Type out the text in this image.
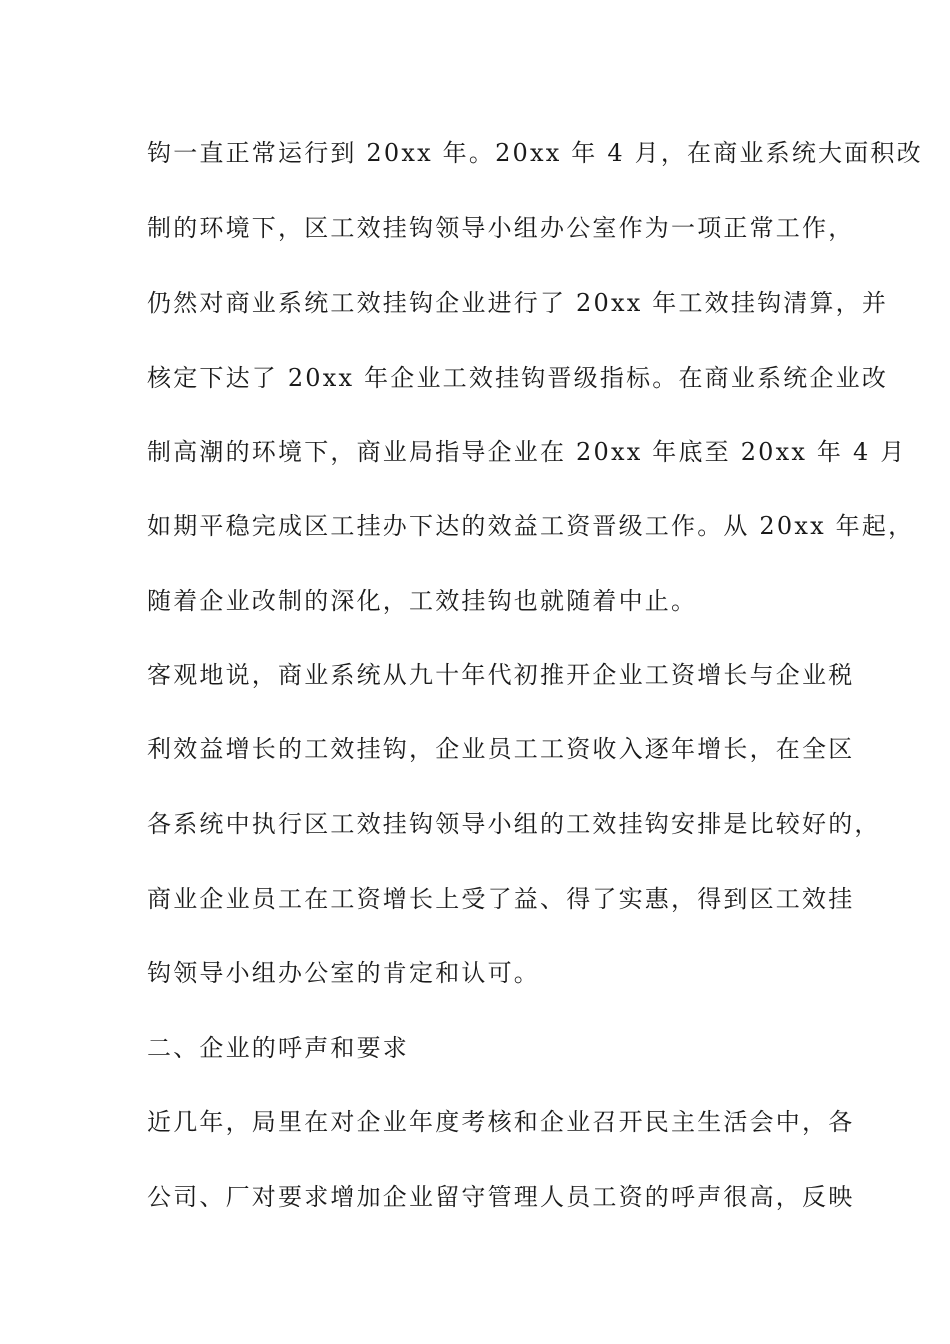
钩一直正常运行到 20xx 年。20xx 年 4 月，在商业系统大面积改
制的环境下，区工效挂钩领导小组办公室作为一项正常工作，
仍然对商业系统工效挂钩企业进行了 20xx 年工效挂钩清算，并
核定下达了 20xx 年企业工效挂钩晋级指标。在商业系统企业改
制高潮的环境下，商业局指导企业在 20xx 年底至 20xx 年 4 月
如期平稳完成区工挂办下达的效益工资晋级工作。从 20xx 年起，
随着企业改制的深化，工效挂钩也就随着中止。
客观地说，商业系统从九十年代初推开企业工资增长与企业税
利效益增长的工效挂钩，企业员工工资收入逐年增长，在全区
各系统中执行区工效挂钩领导小组的工效挂钩安排是比较好的，
商业企业员工在工资增长上受了益、得了实惠，得到区工效挂
钩领导小组办公室的肯定和认可。
二、企业的呼声和要求
近几年，局里在对企业年度考核和企业召开民主生活会中，各
公司、厂对要求增加企业留守管理人员工资的呼声很高，反映
